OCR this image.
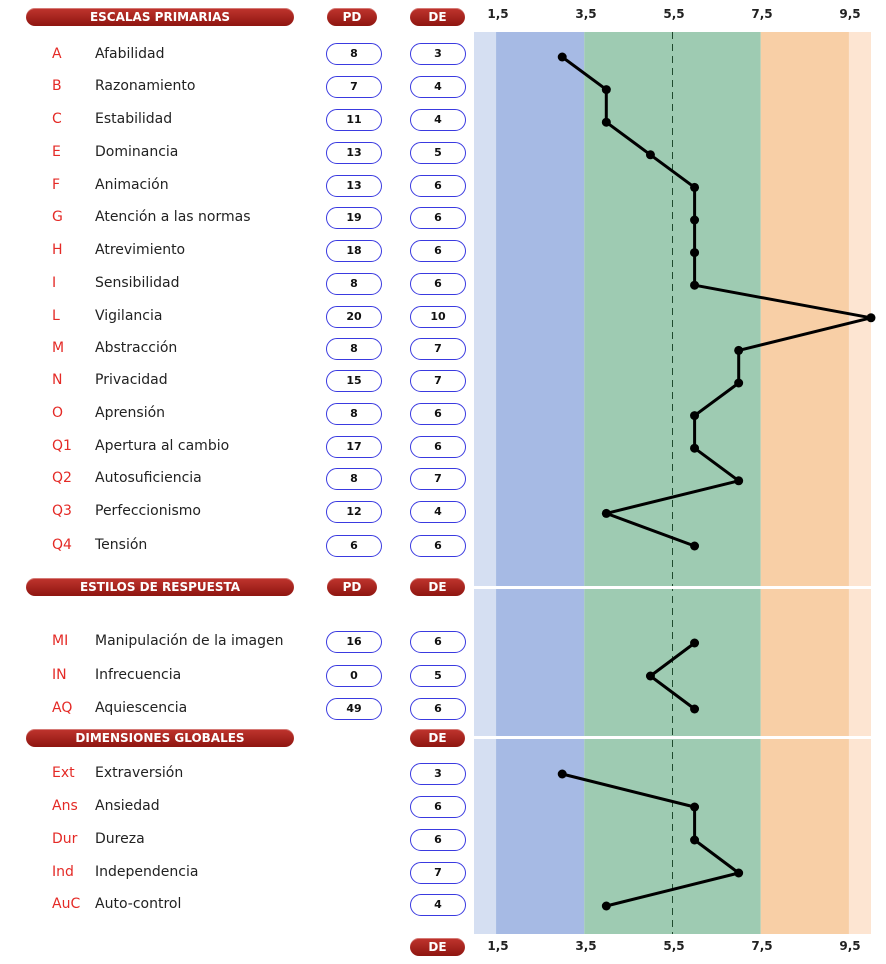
ESCALAS PRIMARIAS	PD	DE
ESTILOS DE RESPUESTA	PD	DE
DIMENSIONES GLOBALES	DE
DE
1,5	3,5	5,5	7,5	9,5
1,5	3,5	5,5	7,5	9,5
A Afabilidad	8	3
B Razonamiento	7	4
C Estabilidad	11	4
E Dominancia	13	5
F Animación	13	6
G Atención a las normas	19	6
H Atrevimiento	18	6
I	Sensibilidad	8	6
L	Vigilancia	20	10
M Abstracción	8	7
N Privacidad	15	7
O Aprensión	8	6
Q1 Apertura al cambio	17	6
Q2 Autosuficiencia	8	7
Q3 Perfeccionismo	12	4
Q4 Tensión	6	6
MI Manipulación de la imagen	16	6
IN Infrecuencia	0	5
AQ Aquiescencia	49	6
Ext Extraversión	3
Ans Ansiedad	6
Dur Dureza	6
Ind Independencia	7
AuC Auto-control	4
